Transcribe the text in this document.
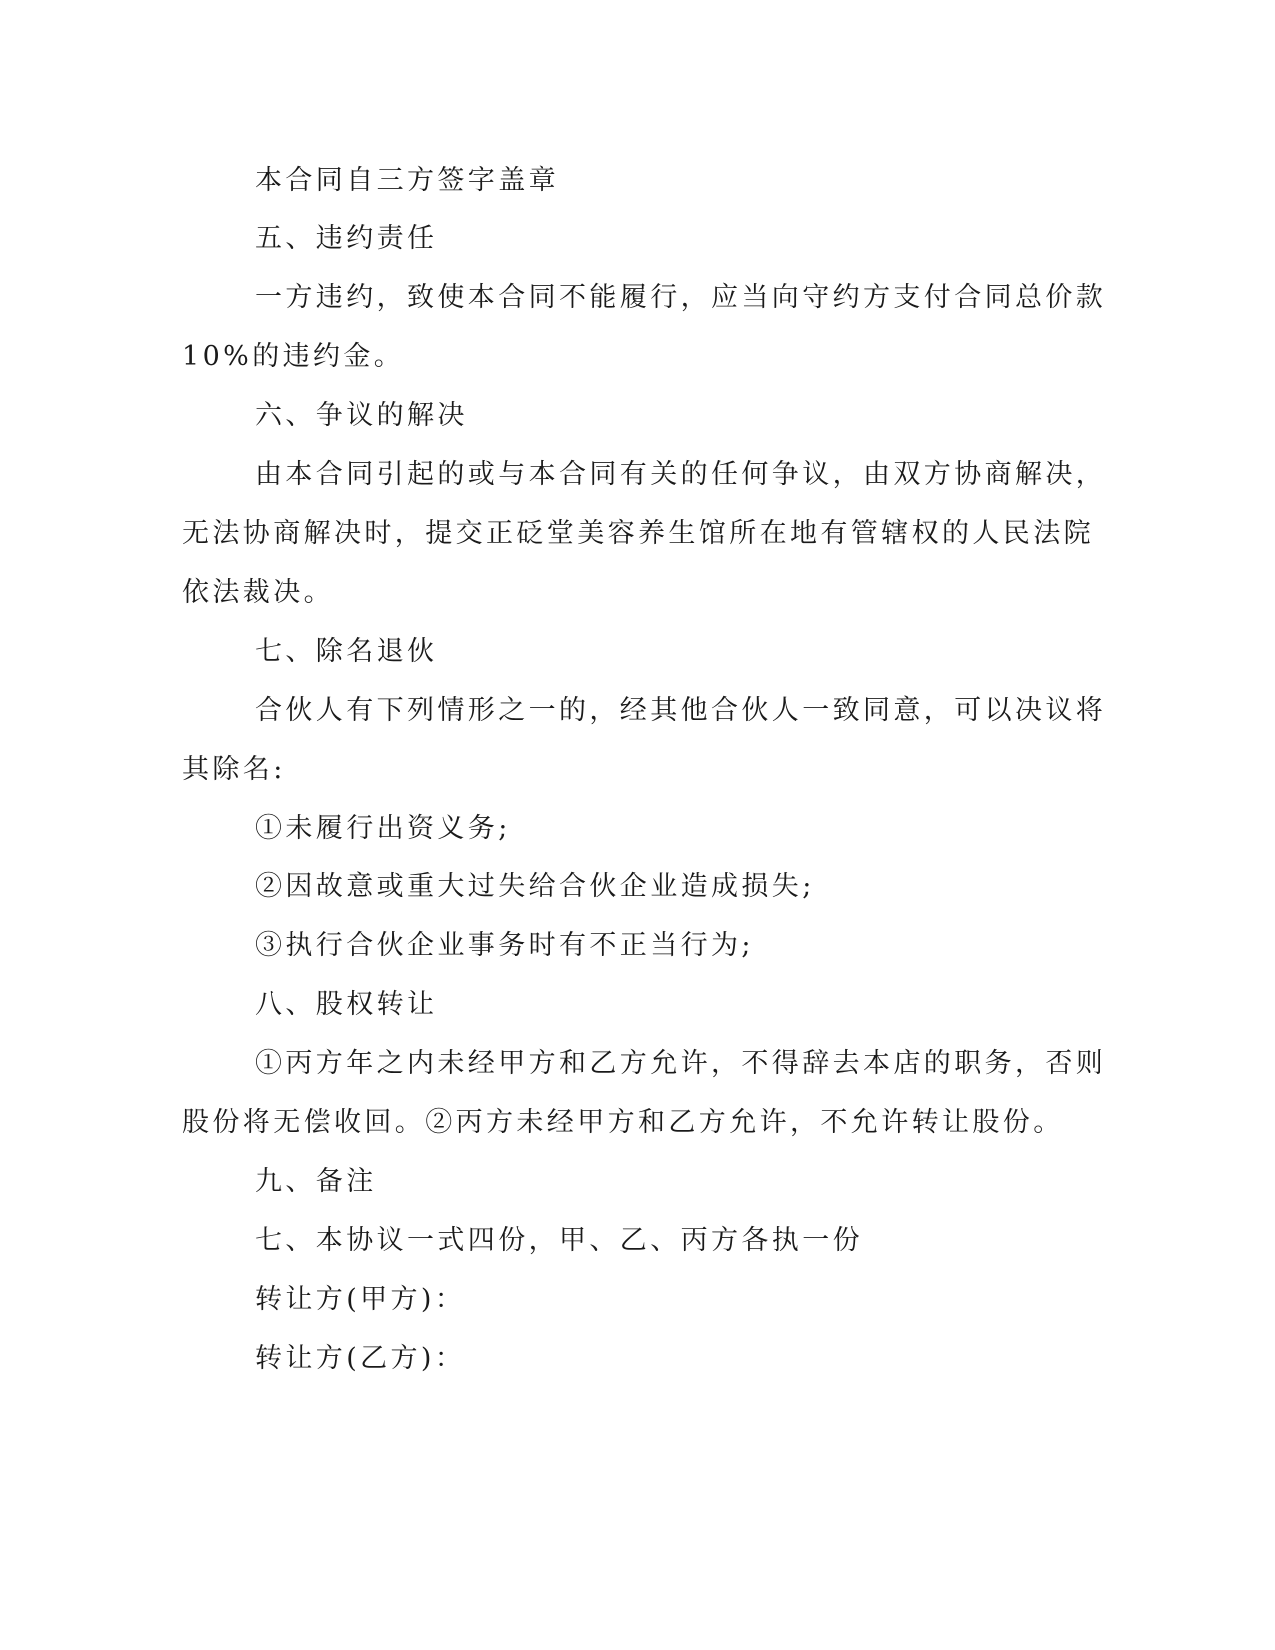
本合同自三方签字盖章
五、违约责任
一方违约，致使本合同不能履行，应当向守约方支付合同总价款
10%的违约金。
六、争议的解决
由本合同引起的或与本合同有关的任何争议，由双方协商解决，
无法协商解决时，提交正砭堂美容养生馆所在地有管辖权的人民法院
依法裁决。
七、除名退伙
合伙人有下列情形之一的，经其他合伙人一致同意，可以决议将
其除名:
①未履行出资义务;
②因故意或重大过失给合伙企业造成损失;
③执行合伙企业事务时有不正当行为;
八、股权转让
①丙方年之内未经甲方和乙方允许，不得辞去本店的职务，否则
股份将无偿收回。②丙方未经甲方和乙方允许，不允许转让股份。
九、备注
七、本协议一式四份，甲、乙、丙方各执一份
转让方(甲方)：
转让方(乙方)：
